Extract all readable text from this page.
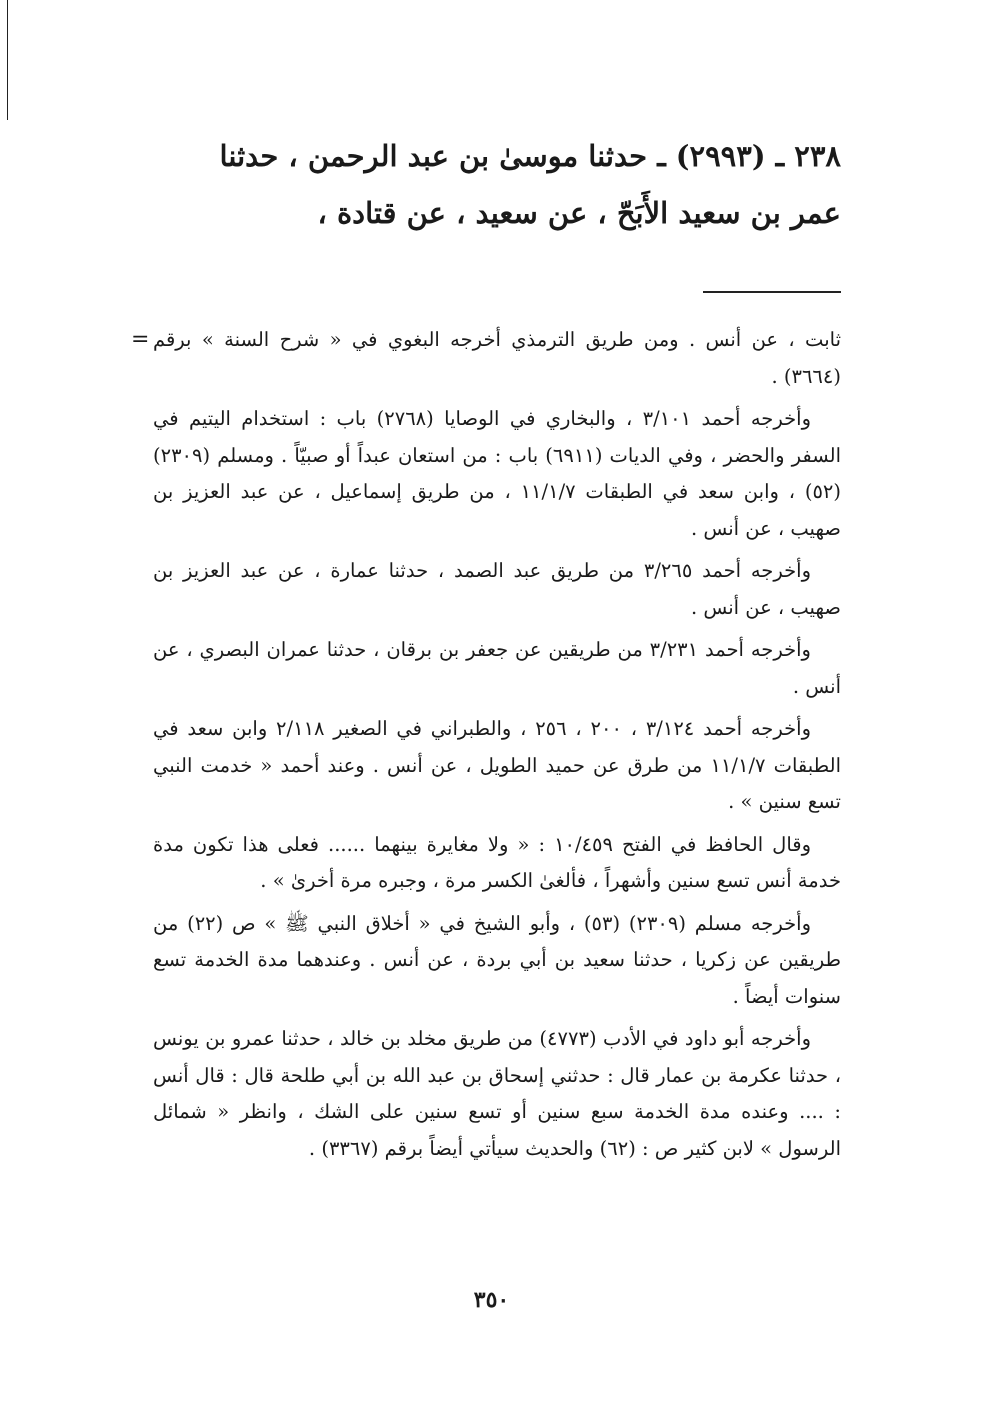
٢٣٨ ـ (٢٩٩٣) ـ حدثنا موسىٰ بن عبد الرحمن ، حدثنا

عمر بن سعيد الأَبَحّ ، عن سعيد ، عن قتادة ،

= ثابت ، عن أنس . ومن طريق الترمذي أخرجه البغوي في « شرح السنة » برقم (٣٦٦٤) .

وأخرجه أحمد ٣/١٠١ ، والبخاري في الوصايا (٢٧٦٨) باب : استخدام اليتيم في السفر والحضر ، وفي الديات (٦٩١١) باب : من استعان عبداً أو صبيّاً . ومسلم (٢٣٠٩) (٥٢) ، وابن سعد في الطبقات ١١/١/٧ ، من طريق إسماعيل ، عن عبد العزيز بن صهيب ، عن أنس .

وأخرجه أحمد ٣/٢٦٥ من طريق عبد الصمد ، حدثنا عمارة ، عن عبد العزيز بن صهيب ، عن أنس .

وأخرجه أحمد ٣/٢٣١ من طريقين عن جعفر بن برقان ، حدثنا عمران البصري ، عن أنس .

وأخرجه أحمد ٣/١٢٤ ، ٢٠٠ ، ٢٥٦ ، والطبراني في الصغير ٢/١١٨ وابن سعد في الطبقات ١١/١/٧ من طرق عن حميد الطويل ، عن أنس . وعند أحمد « خدمت النبي تسع سنين » .

وقال الحافظ في الفتح ١٠/٤٥٩ : « ولا مغايرة بينهما ...... فعلى هذا تكون مدة خدمة أنس تسع سنين وأشهراً ، فألغىٰ الكسر مرة ، وجبره مرة أخرىٰ » .

وأخرجه مسلم (٢٣٠٩) (٥٣) ، وأبو الشيخ في « أخلاق النبي ﷺ » ص (٢٢) من طريقين عن زكريا ، حدثنا سعيد بن أبي بردة ، عن أنس . وعندهما مدة الخدمة تسع سنوات أيضاً .

وأخرجه أبو داود في الأدب (٤٧٧٣) من طريق مخلد بن خالد ، حدثنا عمرو بن يونس ، حدثنا عكرمة بن عمار قال : حدثني إسحاق بن عبد الله بن أبي طلحة قال : قال أنس : .... وعنده مدة الخدمة سبع سنين أو تسع سنين على الشك ، وانظر « شمائل الرسول » لابن كثير ص : (٦٢) والحديث سيأتي أيضاً برقم (٣٣٦٧) .

٣٥٠
